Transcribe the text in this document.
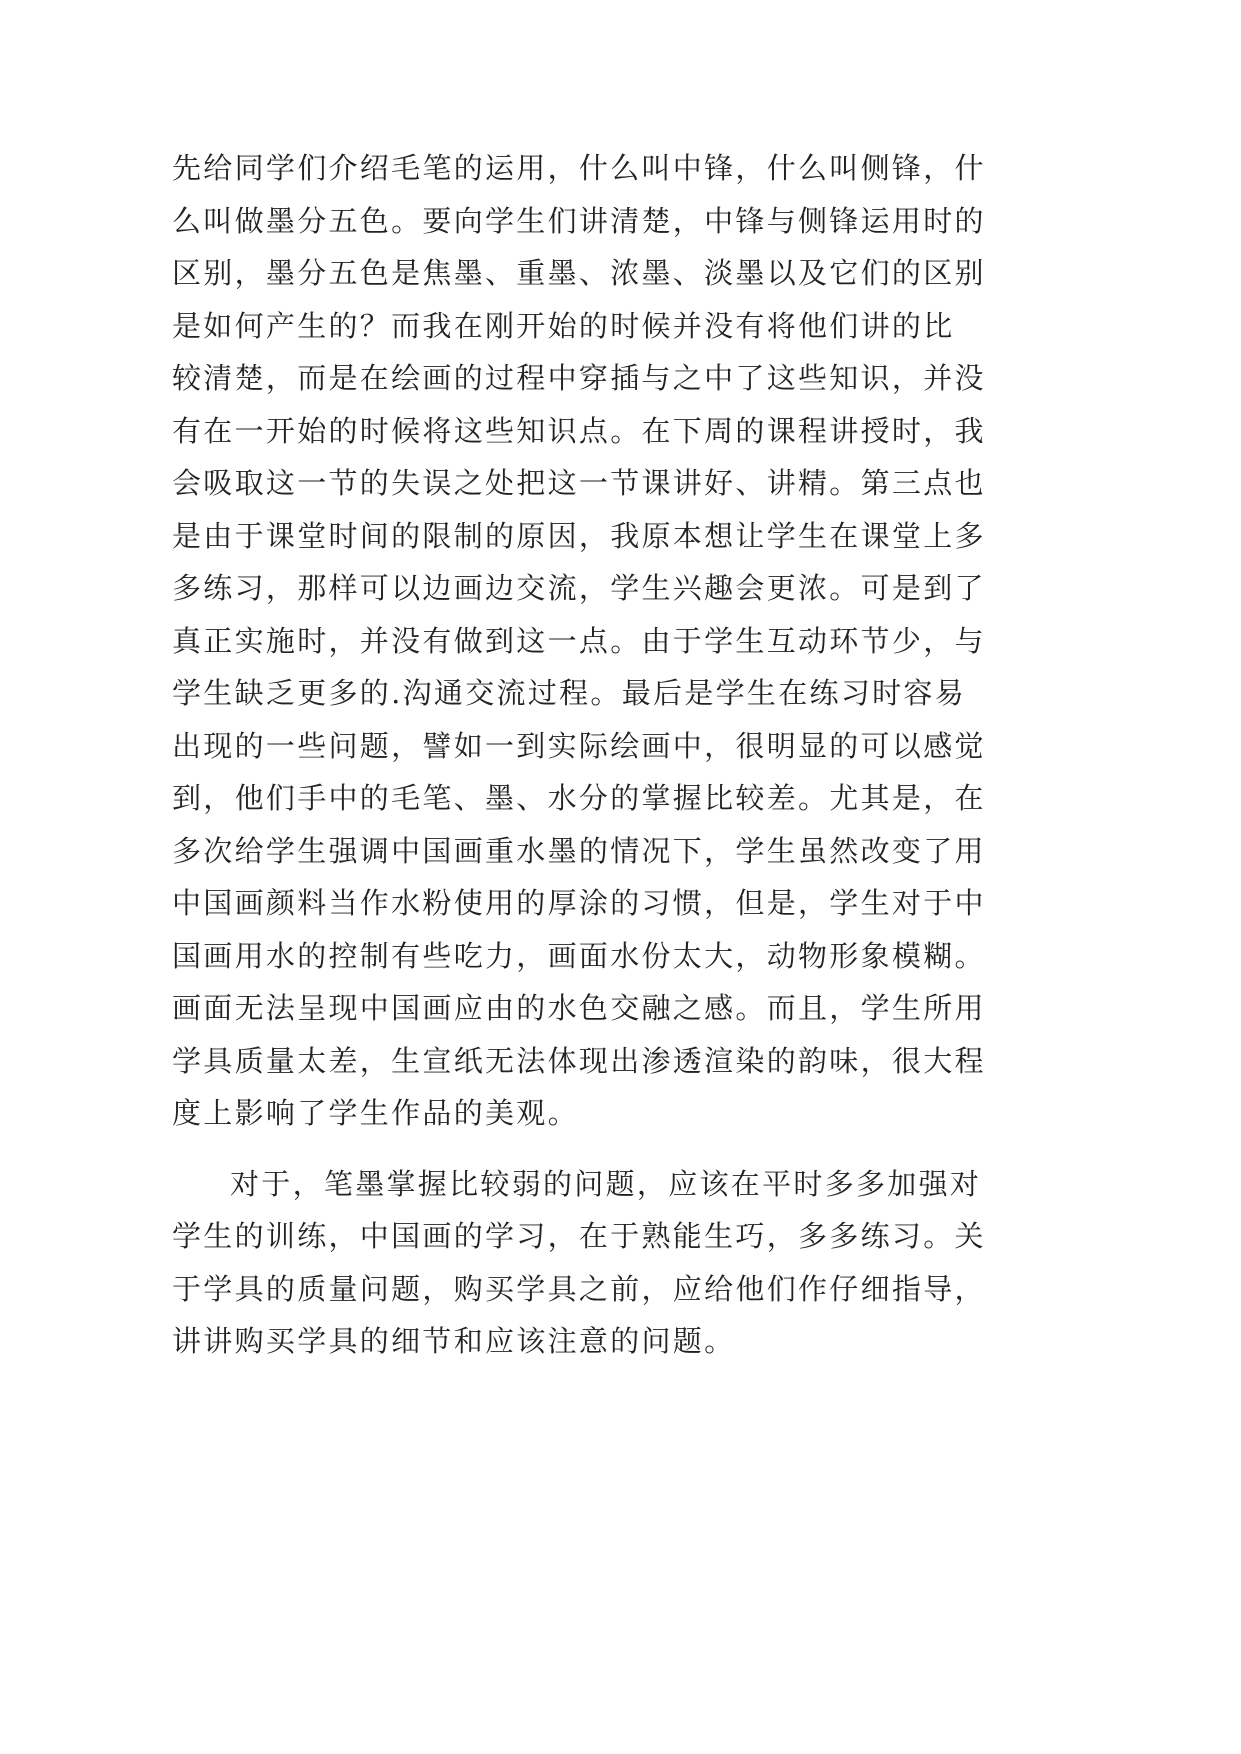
先给同学们介绍毛笔的运用，什么叫中锋，什么叫侧锋，什
么叫做墨分五色。要向学生们讲清楚，中锋与侧锋运用时的
区别，墨分五色是焦墨、重墨、浓墨、淡墨以及它们的区别
是如何产生的？而我在刚开始的时候并没有将他们讲的比
较清楚，而是在绘画的过程中穿插与之中了这些知识，并没
有在一开始的时候将这些知识点。在下周的课程讲授时，我
会吸取这一节的失误之处把这一节课讲好、讲精。第三点也
是由于课堂时间的限制的原因，我原本想让学生在课堂上多
多练习，那样可以边画边交流，学生兴趣会更浓。可是到了
真正实施时，并没有做到这一点。由于学生互动环节少，与
学生缺乏更多的.沟通交流过程。最后是学生在练习时容易
出现的一些问题，譬如一到实际绘画中，很明显的可以感觉
到，他们手中的毛笔、墨、水分的掌握比较差。尤其是，在
多次给学生强调中国画重水墨的情况下，学生虽然改变了用
中国画颜料当作水粉使用的厚涂的习惯，但是，学生对于中
国画用水的控制有些吃力，画面水份太大，动物形象模糊。
画面无法呈现中国画应由的水色交融之感。而且，学生所用
学具质量太差，生宣纸无法体现出渗透渲染的韵味，很大程
度上影响了学生作品的美观。
对于，笔墨掌握比较弱的问题，应该在平时多多加强对
学生的训练，中国画的学习，在于熟能生巧，多多练习。关
于学具的质量问题，购买学具之前，应给他们作仔细指导，
讲讲购买学具的细节和应该注意的问题。
